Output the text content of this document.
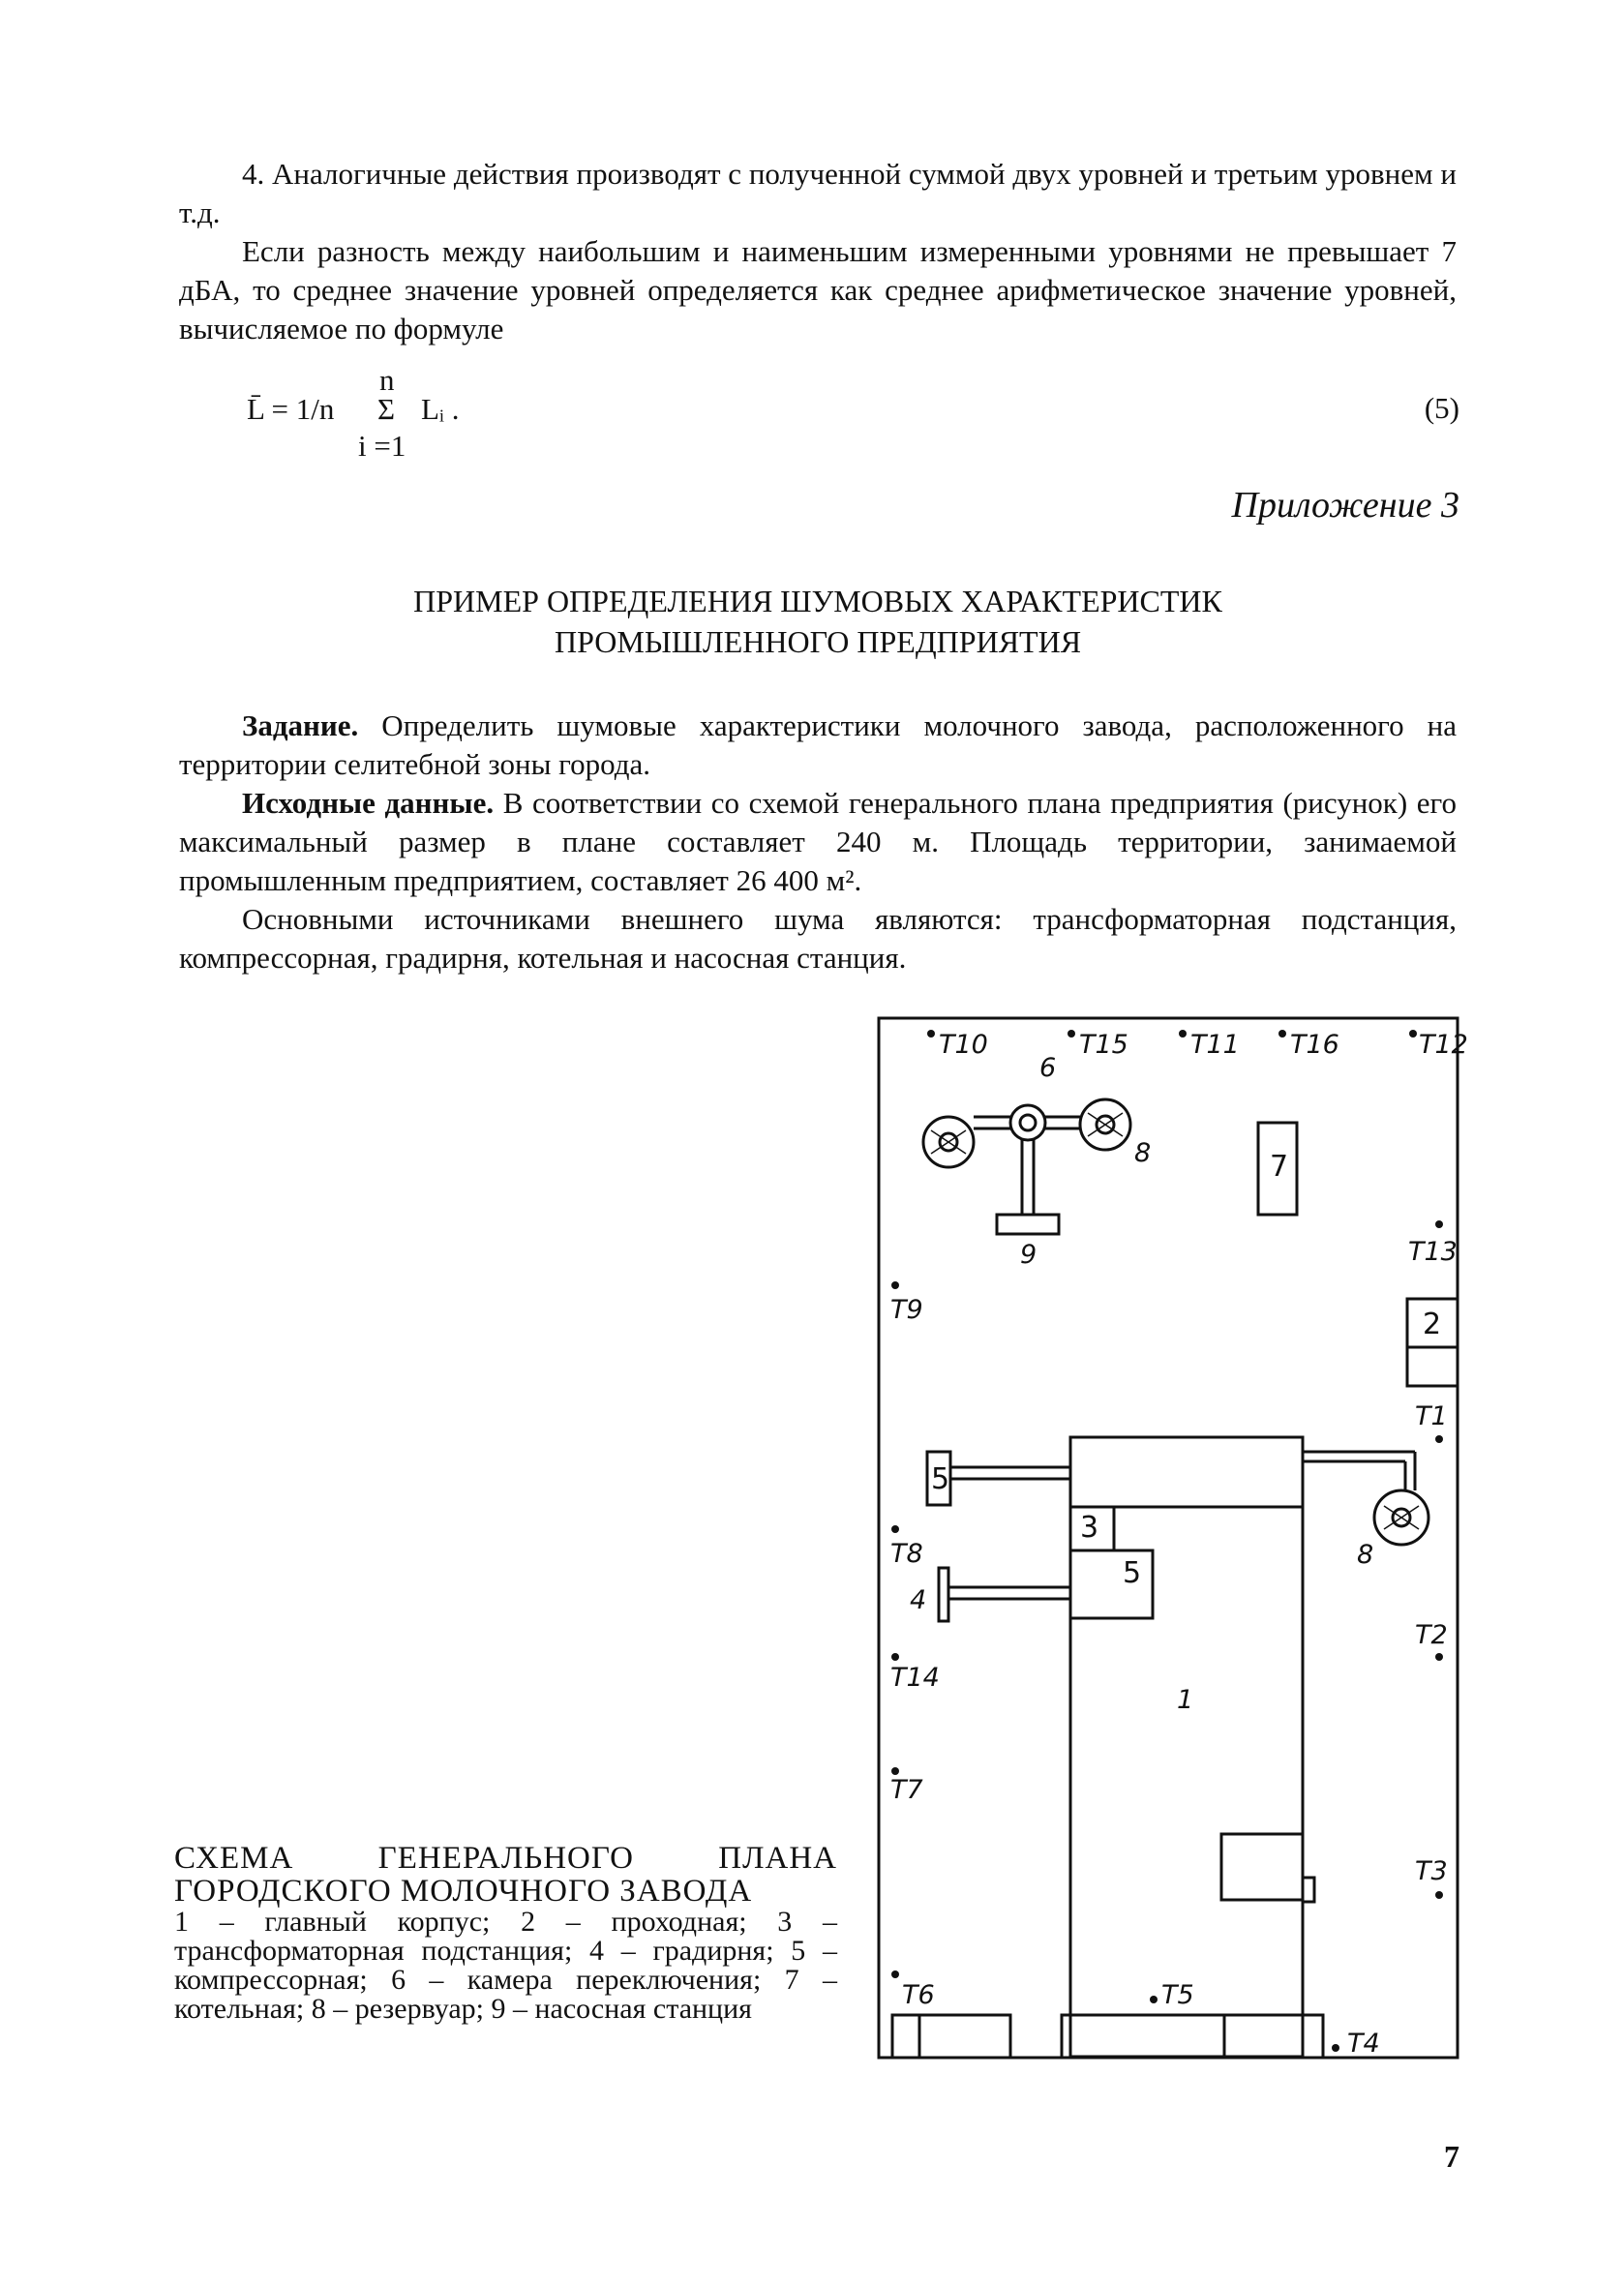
4. Аналогичные действия производят с полученной суммой двух уровней и третьим уровнем и т.д.

Если разность между наибольшим и наименьшим измеренными уровнями не превышает 7 дБА, то среднее значение уровней определяется как среднее арифметическое значение уровней, вычисляемое по формуле

L̄ = 1/n
n
Σ
i =1
Lᵢ .	(5)
Приложение 3
ПРИМЕР ОПРЕДЕЛЕНИЯ ШУМОВЫХ ХАРАКТЕРИСТИК
ПРОМЫШЛЕННОГО ПРЕДПРИЯТИЯ

Задание. Определить шумовые характеристики молочного завода, расположенного на территории селитебной зоны города.

Исходные данные. В соответствии со схемой генерального плана предприятия (рисунок) его максимальный размер в плане составляет 240 м. Площадь территории, занимаемой промышленным предприятием, составляет 26 400 м².

Основными источниками внешнего шума являются: трансформаторная подстанция, компрессорная, градирня, котельная и насосная станция.

T10	T15 T11 T16	T12
T13
T9
T1
T8
T2
T14
T7
T3
T6	T5
T4
7
2
3
5
5
4
1
6
8
8
9
СХЕМА ГЕНЕРАЛЬНОГО ПЛАНА ГОРОДСКОГО МОЛОЧНОГО ЗАВОДА
1 – главный корпус; 2 – проходная; 3 – трансформаторная подстанция; 4 – градирня; 5 – компрессорная; 6 – камера переключения; 7 – котельная; 8 – резервуар; 9 – насосная станция
7
